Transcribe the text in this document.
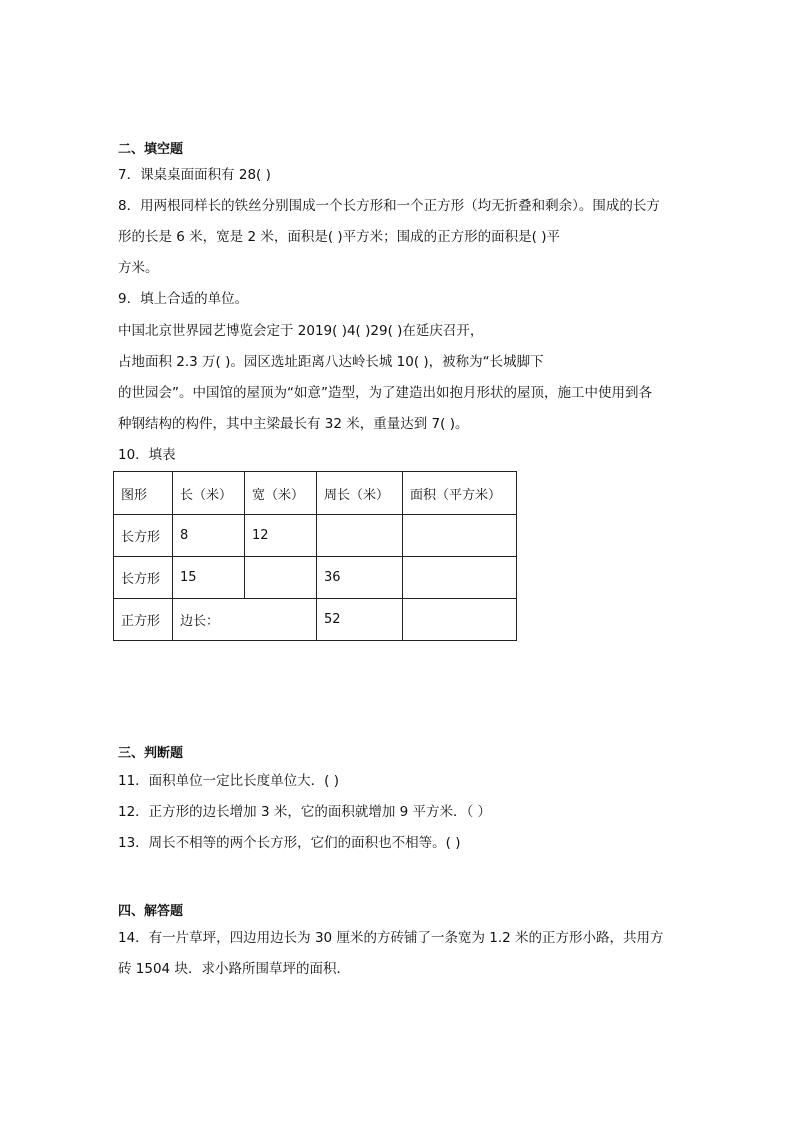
二、填空题
7．课桌桌面面积有 28( )
8．用两根同样长的铁丝分别围成一个长方形和一个正方形（均无折叠和剩余）。围成的长方
形的长是 6 米，宽是 2 米，面积是( )平方米；围成的正方形的面积是( )平
方米。
9．填上合适的单位。
中国北京世界园艺博览会定于 2019( )4( )29( )在延庆召开，
占地面积 2.3 万( )。园区选址距离八达岭长城 10( )，被称为“长城脚下
的世园会”。中国馆的屋顶为“如意”造型，为了建造出如抱月形状的屋顶，施工中使用到各
种钢结构的构件，其中主梁最长有 32 米，重量达到 7( )。
10．填表
图形	长（米）	宽（米）	周长（米）	面积（平方米）
长方形	8	12		
长方形	15		36	
正方形	边长：		52	
三、判断题
11．面积单位一定比长度单位大．( )
12．正方形的边长增加 3 米，它的面积就增加 9 平方米．（ ）
13．周长不相等的两个长方形，它们的面积也不相等。( )
四、解答题
14．有一片草坪，四边用边长为 30 厘米的方砖铺了一条宽为 1.2 米的正方形小路，共用方
砖 1504 块．求小路所围草坪的面积．
